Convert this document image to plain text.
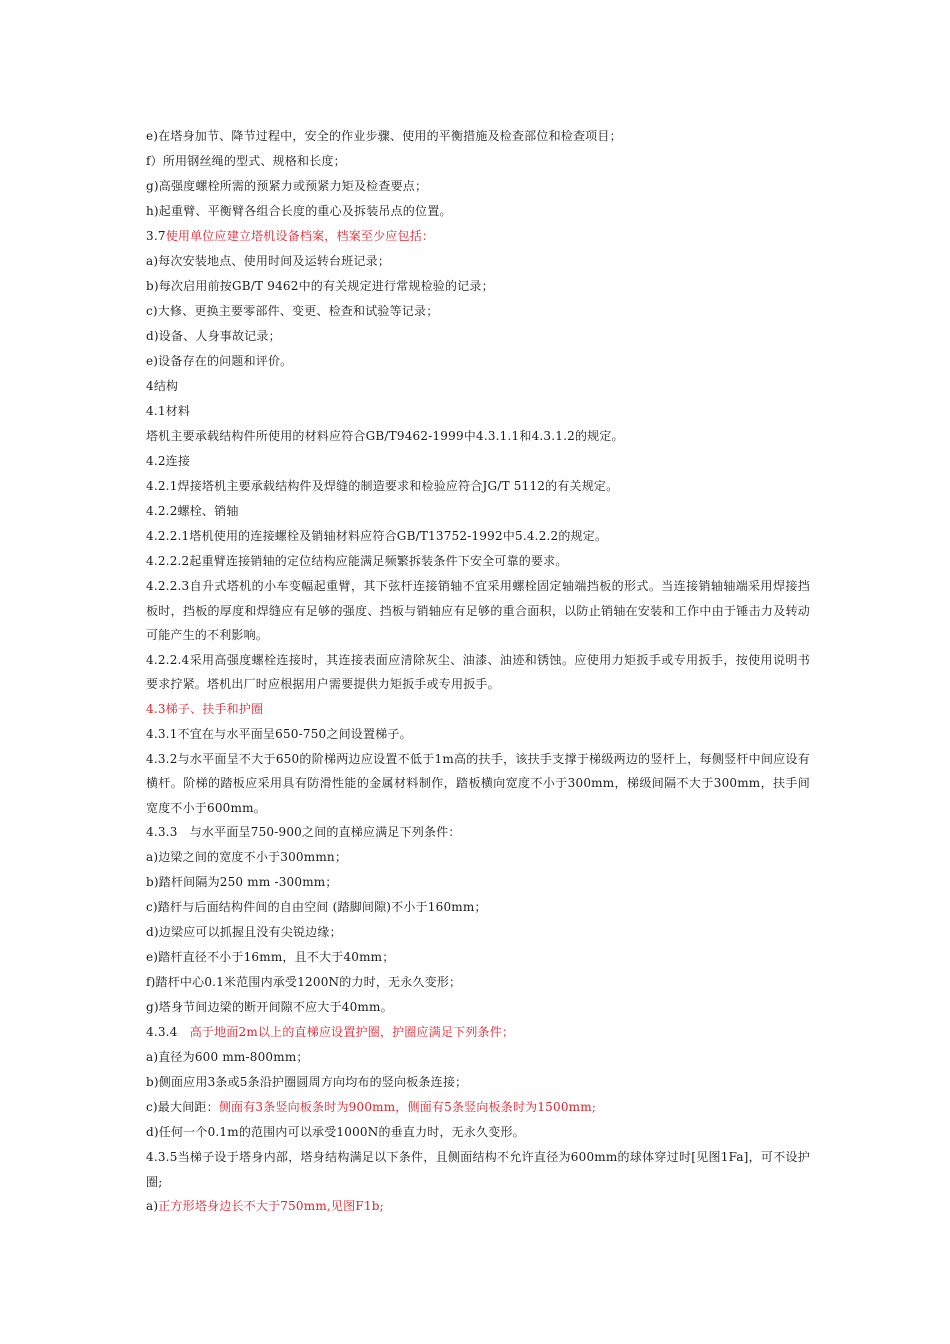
e)在塔身加节、降节过程中，安全的作业步骤、使用的平衡措施及检查部位和检查项目；
f）所用钢丝绳的型式、规格和长度；
g)高强度螺栓所需的预紧力或预紧力矩及检查要点；
h)起重臂、平衡臂各组合长度的重心及拆装吊点的位置。
3.7使用单位应建立塔机设备档案，档案至少应包括：
a)每次安装地点、使用时间及运转台班记录；
b)每次启用前按GB/T 9462中的有关规定进行常规检验的记录；
c)大修、更换主要零部件、变更、检查和试验等记录；
d)设备、人身事故记录；
e)设备存在的问题和评价。
4结构
4.1材料
塔机主要承载结构件所使用的材料应符合GB/T9462-1999中4.3.1.1和4.3.1.2的规定。
4.2连接
4.2.1焊接塔机主要承载结构件及焊缝的制造要求和检验应符合JG/T 5112的有关规定。
4.2.2螺栓、销轴
4.2.2.1塔机使用的连接螺栓及销轴材料应符合GB/T13752-1992中5.4.2.2的规定。
4.2.2.2起重臂连接销轴的定位结构应能满足频繁拆装条件下安全可靠的要求。
4.2.2.3自升式塔机的小车变幅起重臂，其下弦杆连接销轴不宜采用螺栓固定轴端挡板的形式。当连接销轴轴端采用焊接挡板时，挡板的厚度和焊缝应有足够的强度、挡板与销轴应有足够的重合面积，以防止销轴在安装和工作中由于锤击力及转动可能产生的不利影响。
4.2.2.4采用高强度螺栓连接时，其连接表面应清除灰尘、油漆、油迹和锈蚀。应使用力矩扳手或专用扳手，按使用说明书要求拧紧。塔机出厂时应根据用户需要提供力矩扳手或专用扳手。
4.3梯子、扶手和护圈
4.3.1不宜在与水平面呈650-750之间设置梯子。
4.3.2与水平面呈不大于650的阶梯两边应设置不低于1m高的扶手，该扶手支撑于梯级两边的竖杆上，每侧竖杆中间应设有横杆。阶梯的踏板应采用具有防滑性能的金属材料制作，踏板横向宽度不小于300mm，梯级间隔不大于300mm，扶手间宽度不小于600mm。
4.3.3　与水平面呈750-900之间的直梯应满足下列条件：
a)边梁之间的宽度不小于300mmn；
b)踏杆间隔为250 mm -300mm；
c)踏杆与后面结构件间的自由空间 (踏脚间隙)不小于160mm；
d)边梁应可以抓握且没有尖锐边缘；
e)踏杆直径不小于16mm，且不大于40mm；
f)踏杆中心0.1米范围内承受1200N的力时，无永久变形；
g)塔身节间边梁的断开间隙不应大于40mm。
4.3.4　高于地面2m以上的直梯应设置护圈，护圈应满足下列条件；
a)直径为600 mm-800mm；
b)侧面应用3条或5条沿护圈圆周方向均布的竖向板条连接；
c)最大间距：侧面有3条竖向板条时为900mm，侧面有5条竖向板条时为1500mm;
d)任何一个0.1m的范围内可以承受1000N的垂直力时，无永久变形。
4.3.5当梯子设于塔身内部，塔身结构满足以下条件，且侧面结构不允许直径为600mm的球体穿过时[见图1Fa]，可不设护圈;
a)正方形塔身边长不大于750mm,见图F1b;
